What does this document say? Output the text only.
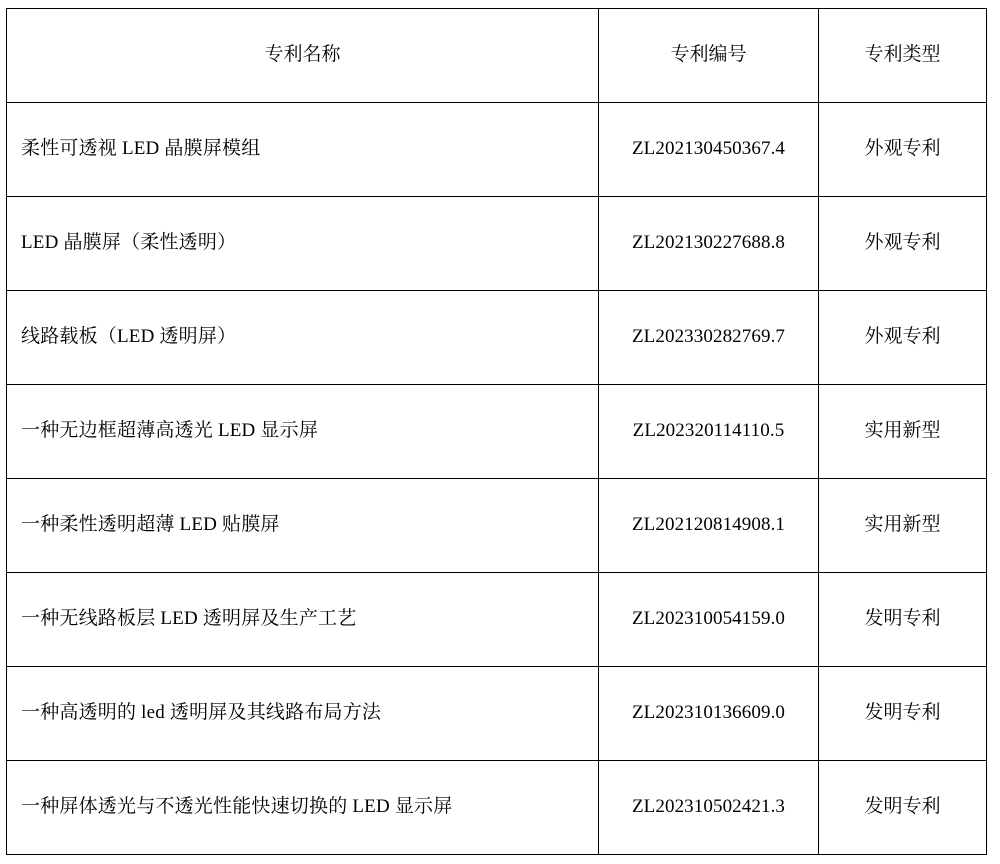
专利名称	专利编号	专利类型
柔性可透视 LED 晶膜屏模组	ZL202130450367.4	外观专利
LED 晶膜屏（柔性透明）	ZL202130227688.8	外观专利
线路载板（LED 透明屏）	ZL202330282769.7	外观专利
一种无边框超薄高透光 LED 显示屏	ZL202320114110.5	实用新型
一种柔性透明超薄 LED 贴膜屏	ZL202120814908.1	实用新型
一种无线路板层 LED 透明屏及生产工艺	ZL202310054159.0	发明专利
一种高透明的 led 透明屏及其线路布局方法	ZL202310136609.0	发明专利
一种屏体透光与不透光性能快速切换的 LED 显示屏	ZL202310502421.3	发明专利
